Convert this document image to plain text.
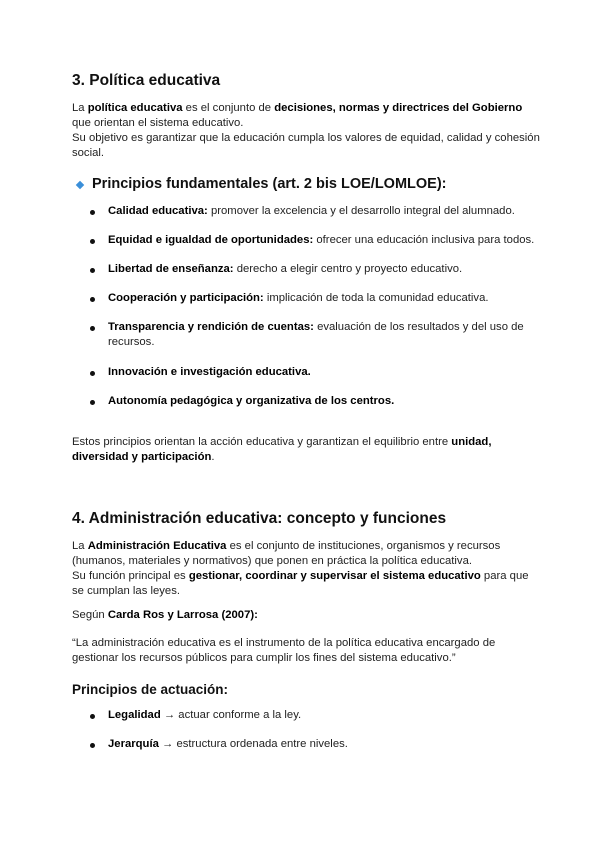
3. Política educativa
La política educativa es el conjunto de decisiones, normas y directrices del Gobierno que orientan el sistema educativo.
Su objetivo es garantizar que la educación cumpla los valores de equidad, calidad y cohesión social.
Principios fundamentales (art. 2 bis LOE/LOMLOE):
Calidad educativa: promover la excelencia y el desarrollo integral del alumnado.
Equidad e igualdad de oportunidades: ofrecer una educación inclusiva para todos.
Libertad de enseñanza: derecho a elegir centro y proyecto educativo.
Cooperación y participación: implicación de toda la comunidad educativa.
Transparencia y rendición de cuentas: evaluación de los resultados y del uso de recursos.
Innovación e investigación educativa.
Autonomía pedagógica y organizativa de los centros.
Estos principios orientan la acción educativa y garantizan el equilibrio entre unidad, diversidad y participación.
4. Administración educativa: concepto y funciones
La Administración Educativa es el conjunto de instituciones, organismos y recursos (humanos, materiales y normativos) que ponen en práctica la política educativa.
Su función principal es gestionar, coordinar y supervisar el sistema educativo para que se cumplan las leyes.
Según Carda Ros y Larrosa (2007):
“La administración educativa es el instrumento de la política educativa encargado de gestionar los recursos públicos para cumplir los fines del sistema educativo.”
Principios de actuación:
Legalidad → actuar conforme a la ley.
Jerarquía → estructura ordenada entre niveles.
